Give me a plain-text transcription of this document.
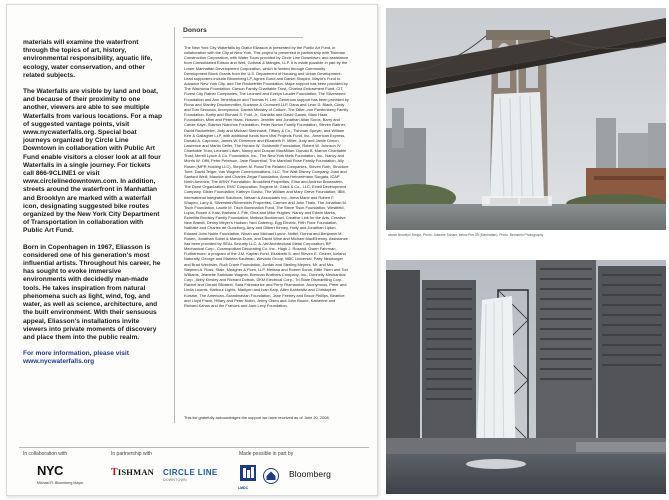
materials will examine the waterfront through the topics of art, history, environmental responsibility, aquatic life, ecology, water conservation, and other related subjects.

The Waterfalls are visible by land and boat, and because of their proximity to one another, viewers are able to see multiple Waterfalls from various locations. For a map of suggested vantage points, visit www.nycwaterfalls.org. Special boat journeys organized by Circle Line Downtown in collaboration with Public Art Fund enable visitors a closer look at all four Waterfalls in a single journey. For tickets call 866-9CLINE1 or visit www.circlelinedowntown.com. In addition, streets around the waterfront in Manhattan and Brooklyn are marked with a waterfall icon, designating suggested bike routes organized by the New York City Department of Transportation in collaboration with Public Art Fund.

Born in Copenhagen in 1967, Eliasson is considered one of his generation's most influential artists. Throughout his career, he has sought to evoke immersive environments with decidedly man-made tools. He takes inspiration from natural phenomena such as light, wind, fog, and water, as well as science, architecture, and the built environment. With their sensuous appeal, Eliasson's installations invite viewers into private moments of discovery and place them into the public realm.

For more information, please visit
www.nycwaterfalls.org

Donors

The New York City Waterfalls by Olafur Eliasson is presented by the Public Art Fund, in collaboration with the City of New York. This project is presented in partnership with Tishman Construction Corporation, with Water Tours provided by Circle Line Downtown, and assistance from Consolidated Edison and Weil, Gotshal & Manges, LLP. It is made possible in part by the Lower Manhattan Development Corporation, which is funded through Community Development Block Grants from the U.S. Department of Housing and Urban Development. Lead supporters include Bloomberg LP, Agnes Gund and Daniel Shapiro, Mayor's Fund to Advance New York City, and The Rockefeller Foundation. Major support has been provided by The Wachovia Foundation, Carson Family Charitable Trust, Charina Endowment Fund, CIT, Forest City Ratner Companies, The Leonard and Evelyn Lauder Foundation, The Silverweed Foundation and Ann Tenenbaum and Thomas H. Lee. Generous support has been provided by Fiona and Stanley Druckenmiller, Suzanne & Cromwell LLP, Dana and Leon D. Black, Cindy and Tom Secunda, Anonymous, Danish Ministry of Culture, The Diller–von Furstenberg Family Foundation, Kathy and Richard S. Fuld, Jr., Daniella and David Ganek, Marc Haas Foundation, Mimi and Peter Haas, Horizon, Jennifer and Jonathan Allan Soros, Barry and Carole Kaye, Stavros Niarchos Foundation, Peter Norton Family Foundation, Steven Rattner, David Rockefeller, Judy and Michael Steinhardt, Tiffany & Co., Tishman Speyer, and William Kerr & Gallagher LLP, with additional funds from Vital Projects Fund, Inc., American Express, Donald A. Capoccia, James W. Dinsmore and Elizabeth R. Miller, Judy and Jamie Dimon, Lawrence and Martin Geller, The Horace W. Goldsmith Foundation, Robert W. Johnson IV Charitable Trust, Leonard Litwin, Nancy and Duncan MacMillan, Donald B. Marron Charitable Trust, Merrill Lynch & Co. Foundation, Inc., The New York Mets Foundation, Inc., Nancy and Morris W. Offit, Peter Peterson, Jane Rosenthal, The Marshall Rose Family Foundation, Ally Rosen (MPR Holding LLC), Stephen M. Ross/The Related Companies, Steven Roth, Structure Tone, David Teiger, Van Wagner Communications, LLC, The Walt Disney Company, Joan and Sanford Weill, Maurice and Charles Zegar Foundation, Anna Heinzelmann Sorgato, ICAP North America, The ARNY Foundation, Brookfield Properties, Elisa and Andrew Brownstein, The Durst Organization, EMC Corporation, Eugene M. Grant & Co., LLC, Extell Development Company, Gilder Foundation, Kathryn Gosho, The William and Mary Greve Foundation, IBM, International Integrated Solutions, Netzari & Associates Inc., Anna Marie and Robert F. Shapiro, Larry A. Silverstein/Silverstein Properties, Carmen and John Thain, The Jonathan M. Tisch Foundation, Laurie M. Tisch Illumination Fund, The Steve Tisch Foundation, Westfield, Lupia, Rosen & Katz, Barbara J. Fife, Gina and Mike Hughes, Nancy and Edwin Marks, Estrellita Brodsky Family Foundation, Melissa Bucklerowl, Creative Link for the Arts, Creative New Brandt, Denny Meyer's Hudson Yard Catering, Egg Electric, Fifth Floor Foundation, Nathalie and Charles de Gunzburg, Amy and Gilbert Kinney, Holly and Jonathan Lipton, Edward John Noble Foundation, Ninah and Michael Lynne, Nottel, Donna and Benjamin M. Rosen, Jonathan Sobel & Marcia Dunn, and David Wine and Michael MacElhenny. Assistance has been provided by SEAL Security LLC, A–Val Architectural Metal Corporation, BP Mechanical Corp., Cosmopolitan Decorating Co. Inc., Hugh J. Rosand, Gwen Fahrman, Furthermore: a program of the J.M. Kaplan Fund, Elizabeth S. and Steven E. Gruber, Iceland Naturally, George and Marlena Kaufman, Wevado Group, MBC Universal, Patty Newburger and Brad Wechsler, Rudi Crane Foundation, Jordan and Sterling Meyers, Mr. and Mrs. Stephen A. Ross, Stale, Meagher & Flom, LLP, Melissa and Robert Soros, Billie Tsien and Tod Williams, Jeanette Sarkisian Wagner, Brennan Brothers Company, Inc., Donnelly Mechanical Corp., Abby Kinsley and Richard Dotson, DKM Electrical Corp., Tri-State Dismantling Corp., Rachel and Gerald Silbstein, Sara Fitzmaurice and Perry Fitzmaurice, Anonymous, Peter and Linda Loomis, Harbour Lights, Marilynn and Ivan Karp, Allen Kahtowitz and Christopher Kurtzke, The American–Scandinavian Foundation, Jane Feeney and Bruce Phillips, Beatrice and Lloyd Frank, Hillary and Peter Nolch, Jenny Olsen and John Boone, Katherine and Richard Kahan and the Frances and Jack Levy Foundation.

This list gratefully acknowledges the support we have received as of June 20, 2008.
In collaboration with	In partnership with	Made possible in part by
NYC
Michael R. Bloomberg Mayor
TISHMAN CIRCLE LINE
DOWNTOWN
LMDC
Bloomberg
above Brooklyn Bridge. Photo: Julienne Schaer, below Pier 35 (Manhattan). Photo: Bernstein Photography
